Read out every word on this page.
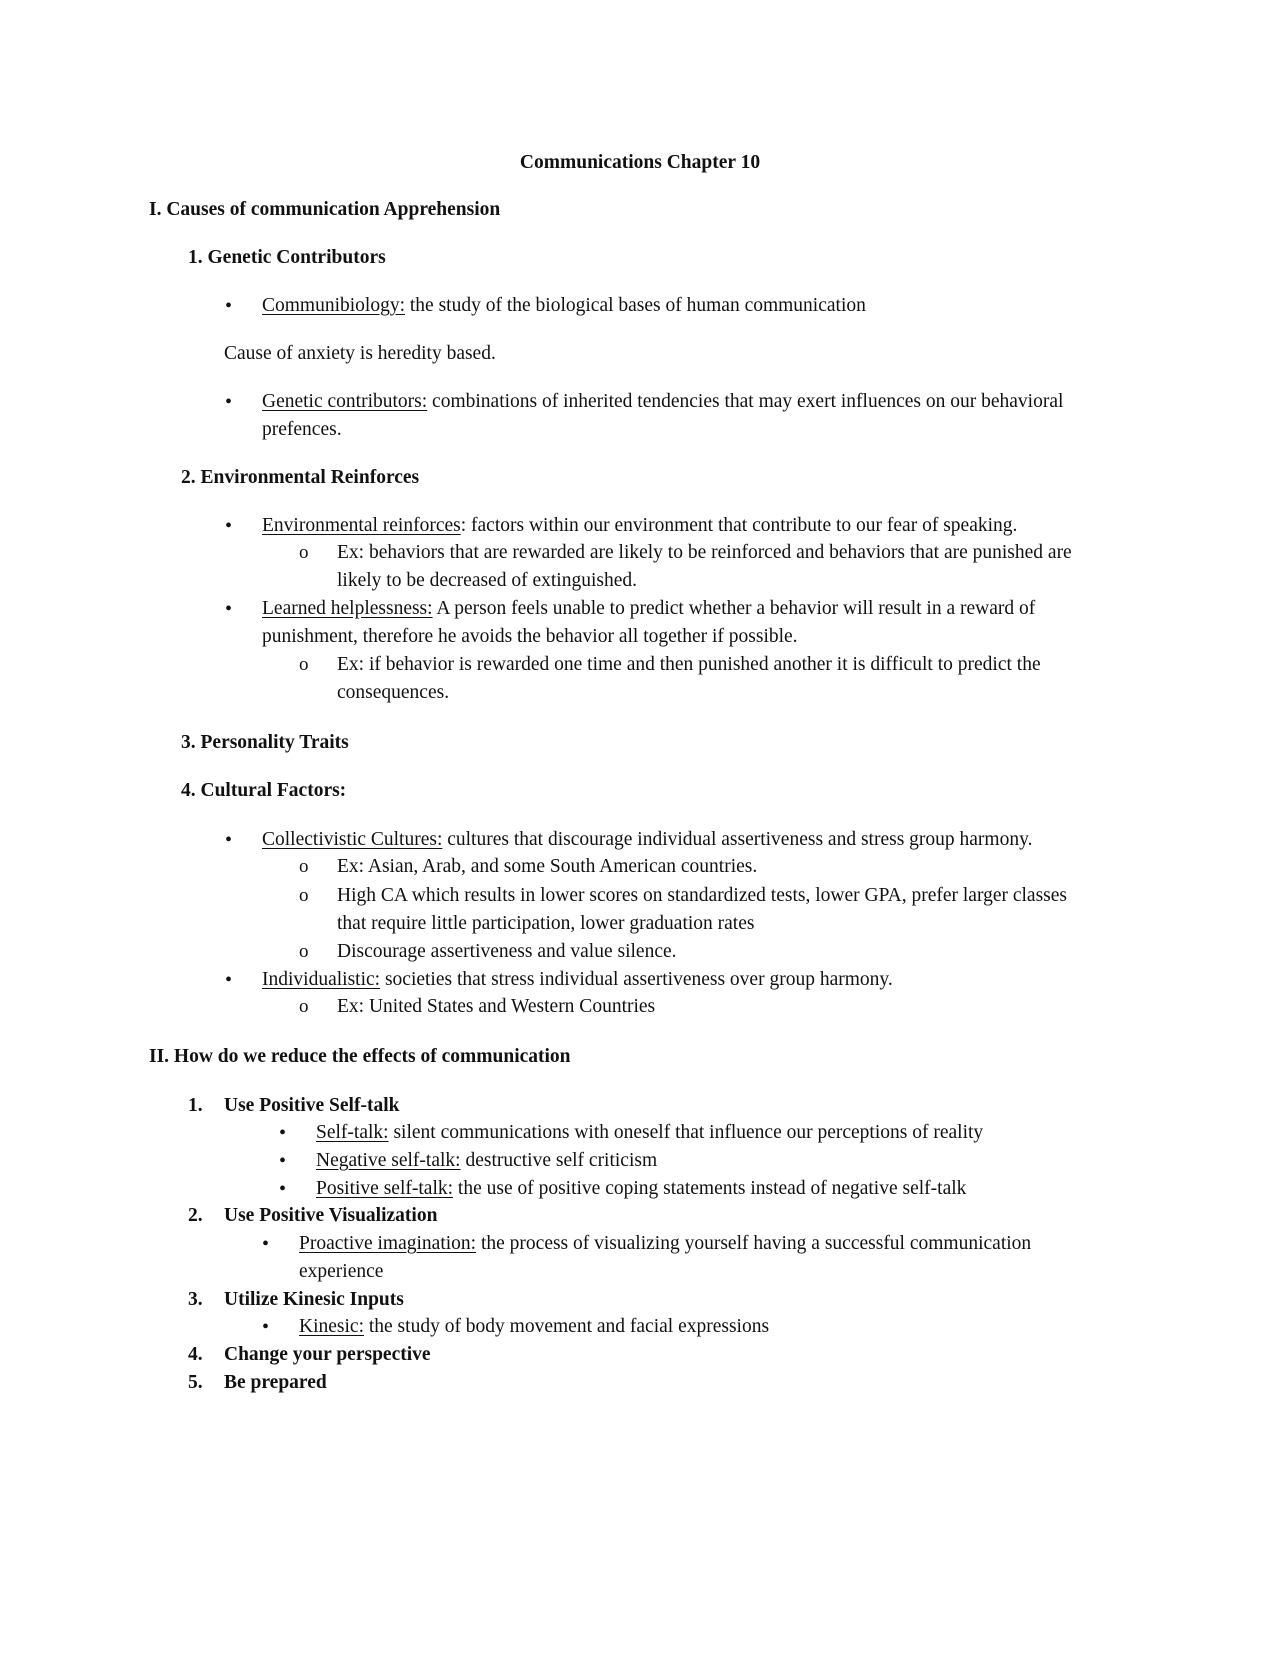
Communications Chapter 10
I. Causes of communication Apprehension
1. Genetic Contributors
• Communibiology: the study of the biological bases of human communication
Cause of anxiety is heredity based.
• Genetic contributors: combinations of inherited tendencies that may exert influences on our behavioral
prefences.
2. Environmental Reinforces
• Environmental reinforces: factors within our environment that contribute to our fear of speaking.
o Ex: behaviors that are rewarded are likely to be reinforced and behaviors that are punished are
likely to be decreased of extinguished.
• Learned helplessness: A person feels unable to predict whether a behavior will result in a reward of
punishment, therefore he avoids the behavior all together if possible.
o Ex: if behavior is rewarded one time and then punished another it is difficult to predict the
consequences.
3. Personality Traits
4. Cultural Factors:
• Collectivistic Cultures: cultures that discourage individual assertiveness and stress group harmony.
o Ex: Asian, Arab, and some South American countries.
o High CA which results in lower scores on standardized tests, lower GPA, prefer larger classes
that require little participation, lower graduation rates
o Discourage assertiveness and value silence.
• Individualistic: societies that stress individual assertiveness over group harmony.
o Ex: United States and Western Countries
II. How do we reduce the effects of communication
1. Use Positive Self-talk
• Self-talk: silent communications with oneself that influence our perceptions of reality
• Negative self-talk: destructive self criticism
• Positive self-talk: the use of positive coping statements instead of negative self-talk
2. Use Positive Visualization
• Proactive imagination: the process of visualizing yourself having a successful communication
experience
3. Utilize Kinesic Inputs
• Kinesic: the study of body movement and facial expressions
4. Change your perspective
5. Be prepared
